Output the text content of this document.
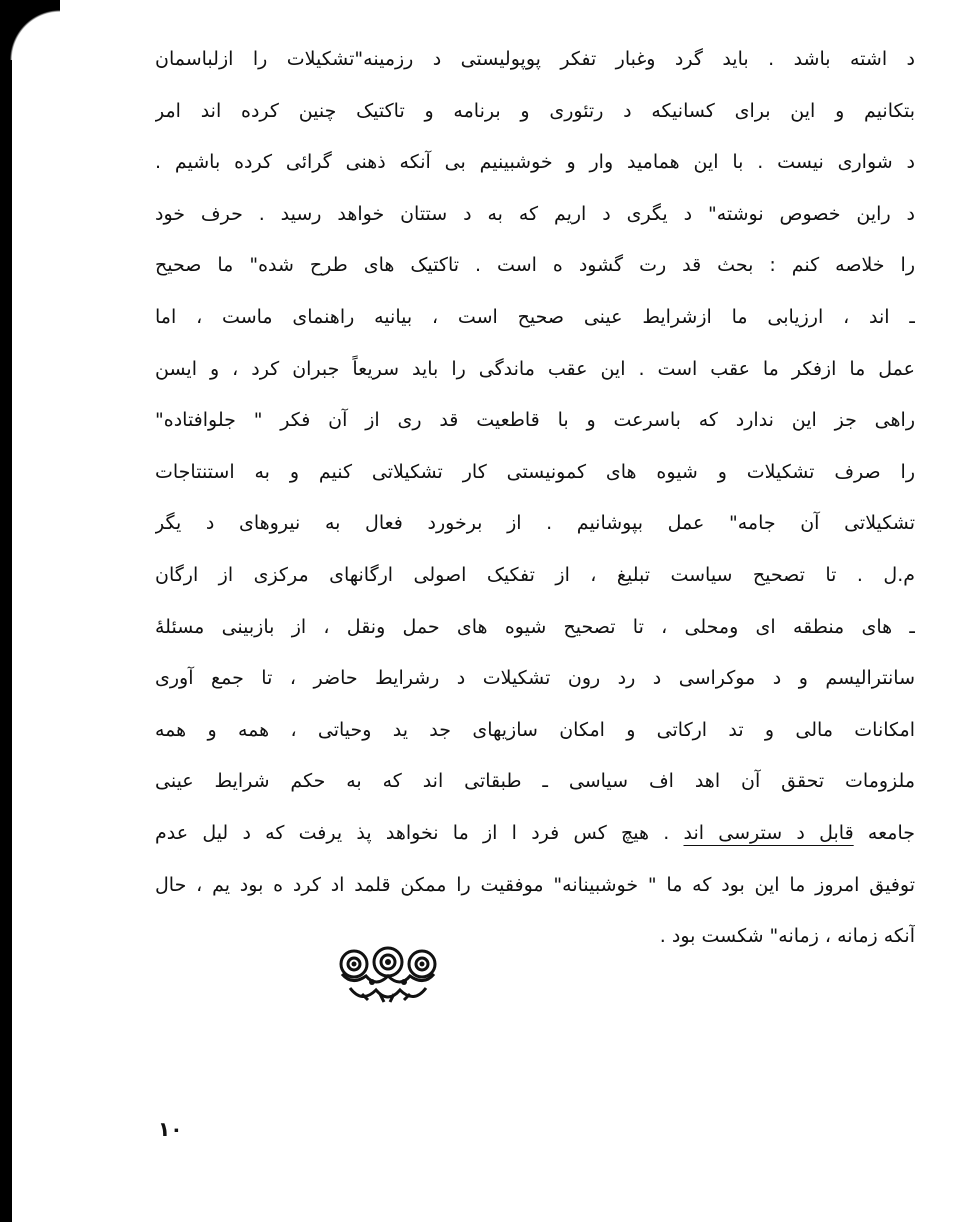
د اشته باشد . باید گرد وغبار تفکر پوپولیستی د رزمینه"تشکیلات را ازلباسمان
بتکانیم و این برای کسانیکه د رتئوری و برنامه و تاکتیک چنین کرده اند امر
د شواری نیست . با این همامید وار و خوشبینیم بی آنکه ذهنی گرائی کرده باشیم .
د راین خصوص نوشته" د یگری د اریم که به د ستتان خواهد رسید . حرف خود
را خلاصه کنم : بحث قد رت گشود ه است . تاکتیک های طرح شده" ما صحیح
ـ اند ، ارزیابی ما ازشرایط عینی صحیح است ، بیانیه راهنمای ماست ، اما
عمل ما ازفکر ما عقب است . این عقب ماندگی را باید سریعاً جبران کرد ، و ایسن
راهی جز این ندارد که باسرعت و با قاطعیت قد ری از آن فکر " جلوافتاده"
را صرف تشکیلات و شیوه های کمونیستی کار تشکیلاتی کنیم و به استنتاجات
تشکیلاتی آن جامه" عمل بپوشانیم . از برخورد فعال به نیروهای د یگر
م.ل . تا تصحیح سیاست تبلیغ ، از تفکیک اصولی ارگانهای مرکزی از ارگان
ـ های منطقه ای ومحلی ، تا تصحیح شیوه های حمل ونقل ، از بازبینی مسئلهٔ
سانترالیسم و د موکراسی د رد رون تشکیلات د رشرایط حاضر ، تا جمع آوری
امکانات مالی و تد ارکاتی و امکان سازیهای جد ید وحیاتی ، همه و همه
ملزومات تحقق آن اهد اف سیاسی ـ طبقاتی اند که به حکم شرایط عینی
جامعه قابل د سترسی اند . هیچ کس فرد ا از ما نخواهد پذ یرفت که د لیل عدم
توفیق امروز ما این بود که ما " خوشبینانه" موفقیت را ممکن قلمد اد کرد ه بود یم ، حال
آنکه زمانه ، زمانه" شکست بود .
١٠
